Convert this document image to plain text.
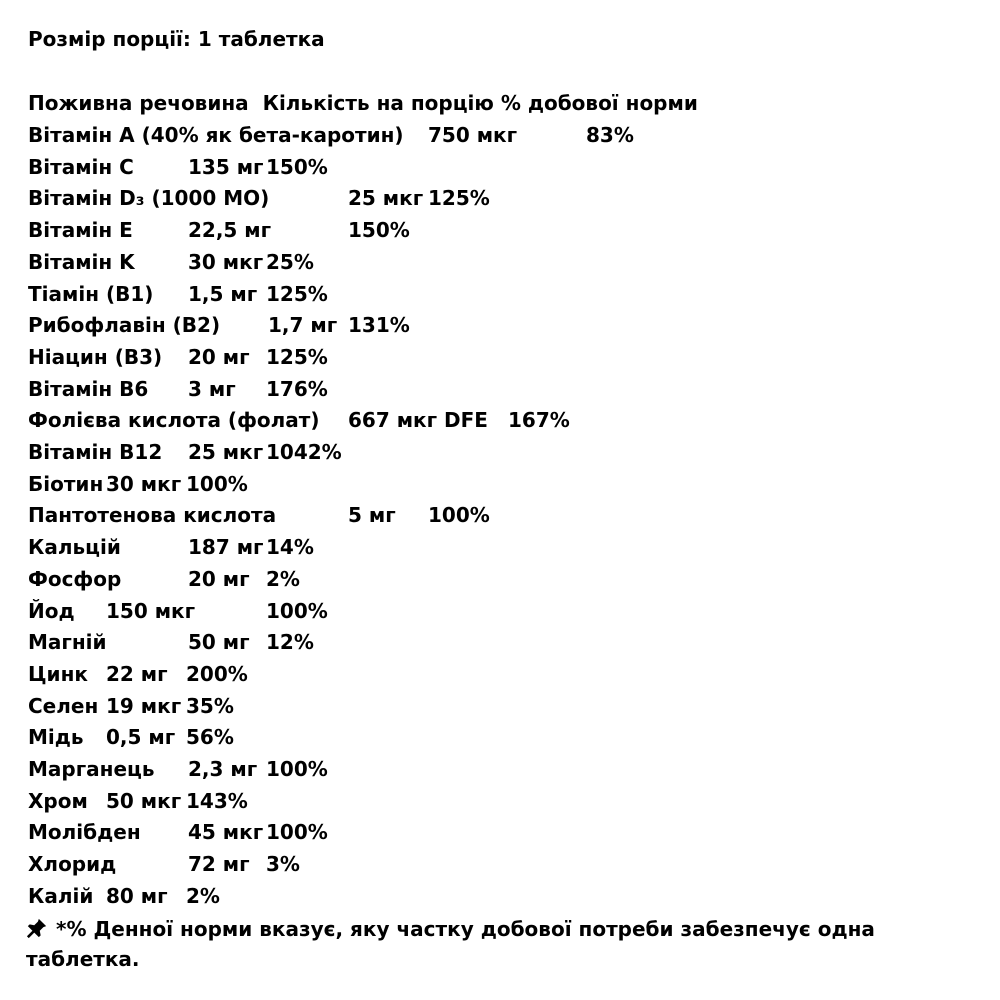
Розмір порції: 1 таблетка
Поживна речовина  Кількість на порцію % добової норми
Вітамін A (40% як бета-каротин) 750 мкг	83%
Вітамін C	135 мг 150%
Вітамін D₃ (1000 МО)	25 мкг 125%
Вітамін E	22,5 мг	150%
Вітамін K	30 мкг 25%
Тіамін (B1) 1,5 мг 125%
Рибофлавін (B2) 1,7 мг 131%
Ніацин (B3) 20 мг 125%
Вітамін B6 3 мг 176%
Фолієва кислота (фолат) 667 мкг DFE 167%
Вітамін B12 25 мкг 1042%
Біотин 30 мкг 100%
Пантотенова кислота	5 мг 100%
Кальцій	187 мг 14%
Фосфор	20 мг 2%
Йод 150 мкг	100%
Магній	50 мг 12%
Цинк 22 мг 200%
Селен 19 мкг 35%
Мідь 0,5 мг 56%
Марганець 2,3 мг 100%
Хром 50 мкг 143%
Молібден 45 мкг 100%
Хлорид	72 мг 3%
Калій 80 мг 2%
*% Денної норми вказує, яку частку добової потреби забезпечує одна таблетка.
